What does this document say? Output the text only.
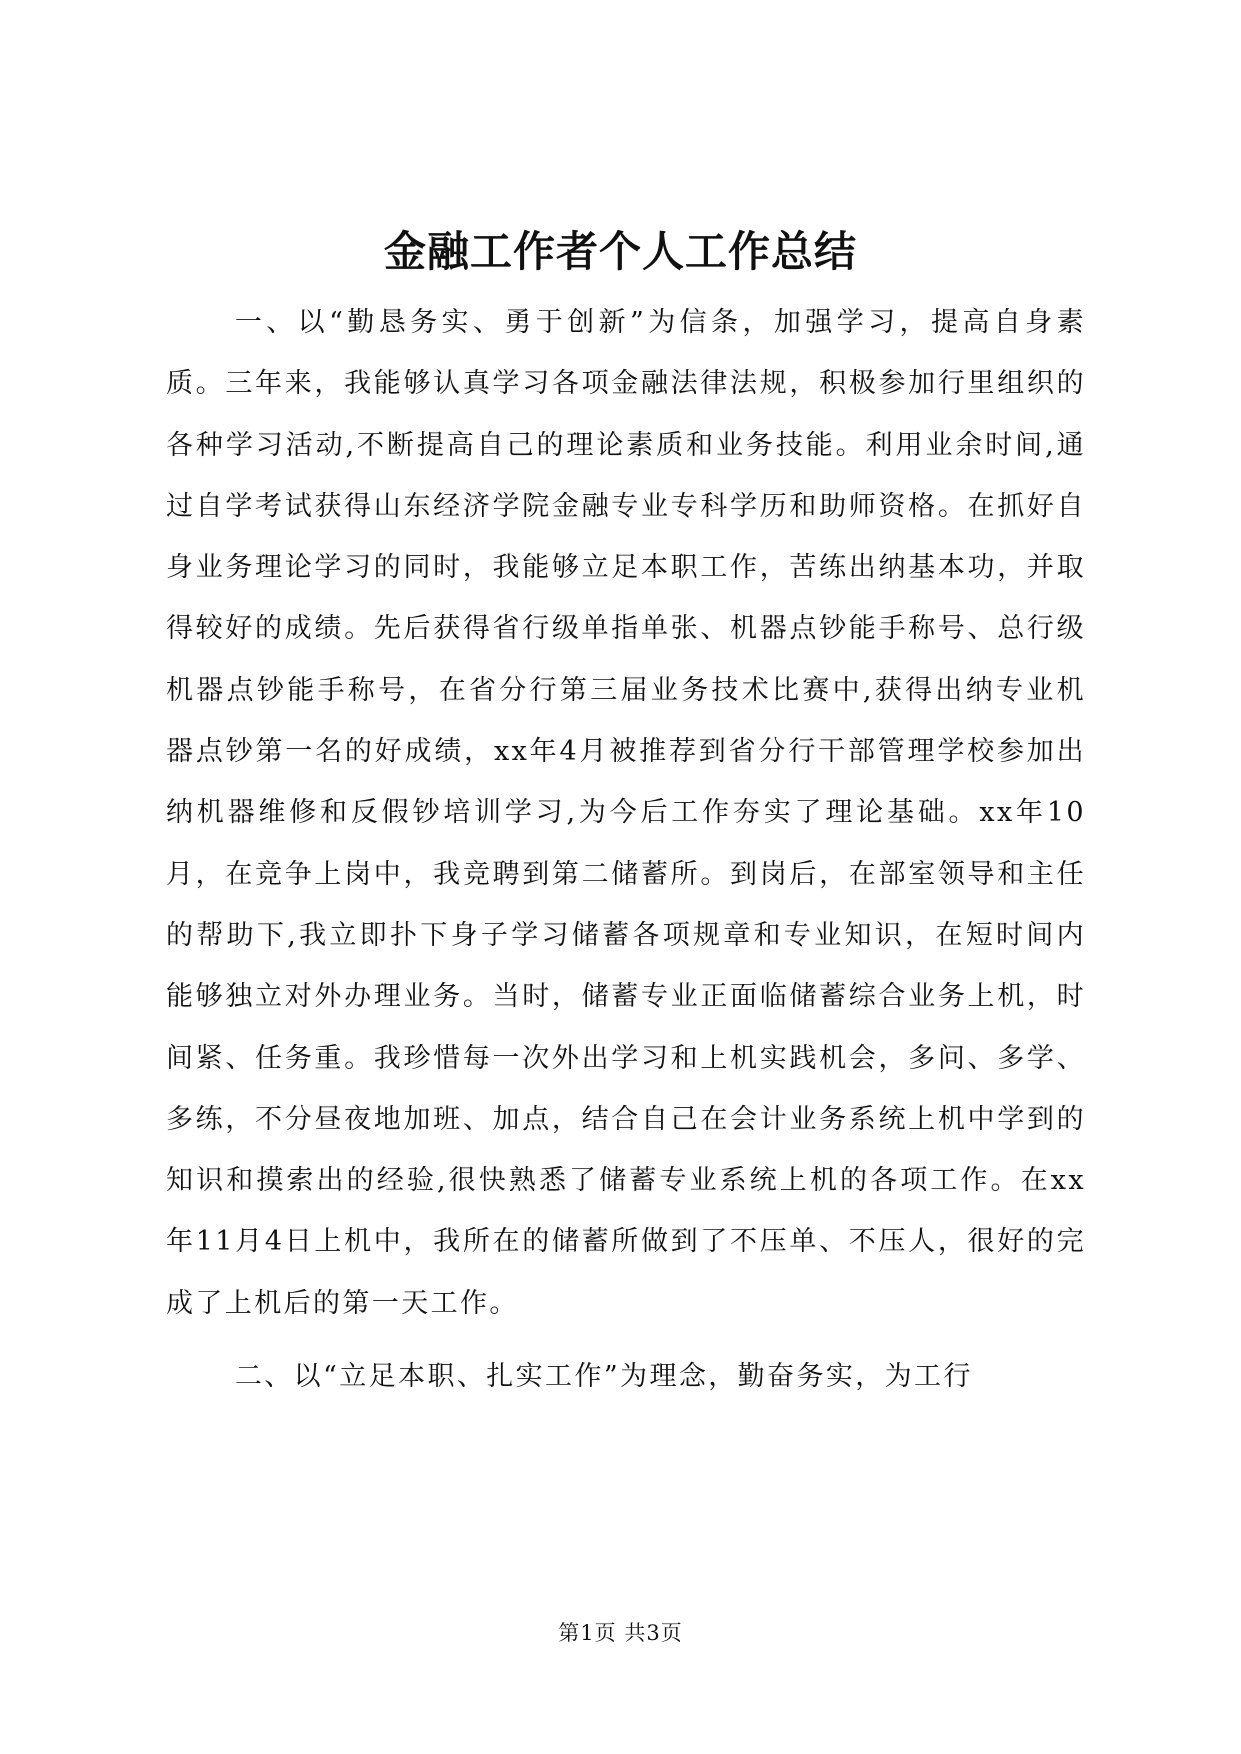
金融工作者个人工作总结

一、以“勤恳务实、勇于创新”为信条，加强学习，提高自身素质。三年来，我能够认真学习各项金融法律法规，积极参加行里组织的各种学习活动,不断提高自己的理论素质和业务技能。利用业余时间,通过自学考试获得山东经济学院金融专业专科学历和助师资格。在抓好自身业务理论学习的同时，我能够立足本职工作，苦练出纳基本功，并取得较好的成绩。先后获得省行级单指单张、机器点钞能手称号、总行级机器点钞能手称号，在省分行第三届业务技术比赛中,获得出纳专业机器点钞第一名的好成绩，xx年4月被推荐到省分行干部管理学校参加出纳机器维修和反假钞培训学习,为今后工作夯实了理论基础。xx年10月，在竞争上岗中，我竞聘到第二储蓄所。到岗后，在部室领导和主任的帮助下,我立即扑下身子学习储蓄各项规章和专业知识，在短时间内能够独立对外办理业务。当时，储蓄专业正面临储蓄综合业务上机，时间紧、任务重。我珍惜每一次外出学习和上机实践机会，多问、多学、多练，不分昼夜地加班、加点，结合自己在会计业务系统上机中学到的知识和摸索出的经验,很快熟悉了储蓄专业系统上机的各项工作。在xx年11月4日上机中，我所在的储蓄所做到了不压单、不压人，很好的完成了上机后的第一天工作。

二、以“立足本职、扎实工作”为理念，勤奋务实，为工行

第1页 共3页
